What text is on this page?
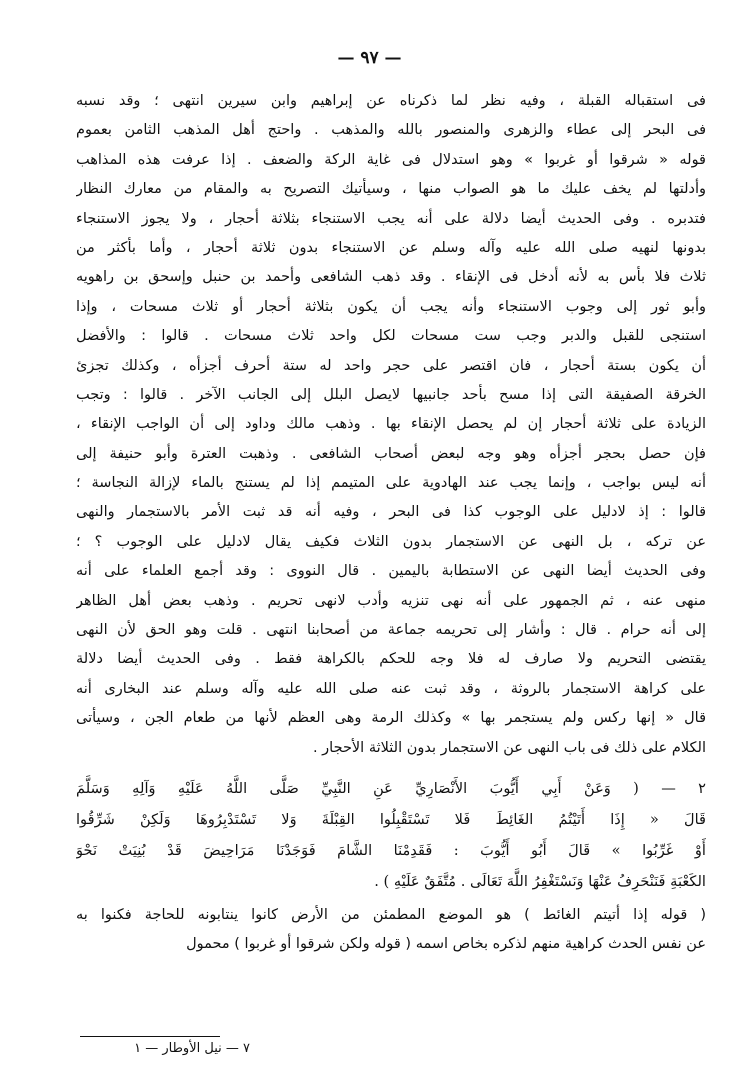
— ٩٧ —
فى استقباله القبلة ، وفيه نظر لما ذكرناه عن إبراهيم وابن سيرين انتهى ؛ وقد نسبه
فى البحر إلى عطاء والزهرى والمنصور بالله والمذهب . واحتج أهل المذهب الثامن بعموم
قوله « شرقوا أو غربوا » وهو استدلال فى غاية الركة والضعف . إذا عرفت هذه المذاهب
وأدلتها لم يخف عليك ما هو الصواب منها ، وسيأتيك التصريح به والمقام من معارك النظار
فتدبره . وفى الحديث أيضا دلالة على أنه يجب الاستنجاء بثلاثة أحجار ، ولا يجوز الاستنجاء
بدونها لنهيه صلى الله عليه وآله وسلم عن الاستنجاء بدون ثلاثة أحجار ، وأما بأكثر من
ثلاث فلا بأس به لأنه أدخل فى الإنقاء . وقد ذهب الشافعى وأحمد بن حنبل وإسحق بن راهويه
وأبو ثور إلى وجوب الاستنجاء وأنه يجب أن يكون بثلاثة أحجار أو ثلاث مسحات ، وإذا
استنجى للقبل والدبر وجب ست مسحات لكل واحد ثلاث مسحات . قالوا : والأفضل
أن يكون بستة أحجار ، فان اقتصر على حجر واحد له ستة أحرف أجزأه ، وكذلك تجزئ
الخرقة الصفيقة التى إذا مسح بأحد جانبيها لايصل البلل إلى الجانب الآخر . قالوا : وتجب
الزيادة على ثلاثة أحجار إن لم يحصل الإنقاء بها . وذهب مالك وداود إلى أن الواجب الإنقاء ،
فإن حصل بحجر أجزأه وهو وجه لبعض أصحاب الشافعى . وذهبت العترة وأبو حنيفة إلى
أنه ليس بواجب ، وإنما يجب عند الهادوية على المتيمم إذا لم يستنج بالماء لإزالة النجاسة ؛
قالوا : إذ لادليل على الوجوب كذا فى البحر ، وفيه أنه قد ثبت الأمر بالاستجمار والنهى
عن تركه ، بل النهى عن الاستجمار بدون الثلاث فكيف يقال لادليل على الوجوب ؟ ؛
وفى الحديث أيضا النهى عن الاستطابة باليمين . قال النووى : وقد أجمع العلماء على أنه
منهى عنه ، ثم الجمهور على أنه نهى تنزيه وأدب لانهى تحريم . وذهب بعض أهل الظاهر
إلى أنه حرام . قال : وأشار إلى تحريمه جماعة من أصحابنا انتهى . قلت وهو الحق لأن النهى
يقتضى التحريم ولا صارف له فلا وجه للحكم بالكراهة فقط . وفى الحديث أيضا دلالة
على كراهة الاستجمار بالروثة ، وقد ثبت عنه صلى الله عليه وآله وسلم عند البخارى أنه
قال « إنها ركس ولم يستجمر بها » وكذلك الرمة وهى العظم لأنها من طعام الجن ، وسيأتى
الكلام على ذلك فى باب النهى عن الاستجمار بدون الثلاثة الأحجار .
٢ — ( وَعَنْ أَبِي أَيُّوبَ الأَنْصَارِيِّ عَنِ النَّبِيِّ صَلَّى اللَّهُ عَلَيْهِ وَآلِهِ وَسَلَّمَ
قَالَ « إِذَا أَتَيْتُمُ الغَائِطَ فَلا تَسْتَقْبِلُوا القِبْلَةَ وَلا تَسْتَدْبِرُوهَا وَلَكِنْ شَرِّقُوا
أَوْ غَرِّبُوا » قَالَ أَبُو أَيُّوبَ : فَقَدِمْنَا الشَّامَ فَوَجَدْنَا مَرَاحِيضَ قَدْ بُنِيَتْ نَحْوَ
الكَعْبَةِ فَنَنْحَرِفُ عَنْهَا وَنَسْتَغْفِرُ اللَّهَ تَعَالَى . مُتَّفَقٌ عَلَيْهِ ) .
( قوله إذا أتيتم الغائط ) هو الموضع المطمئن من الأرض كانوا ينتابونه للحاجة فكنوا به
عن نفس الحدث كراهية منهم لذكره بخاص اسمه ( قوله ولكن شرقوا أو غربوا ) محمول
٧ — نيل الأوطار — ١
